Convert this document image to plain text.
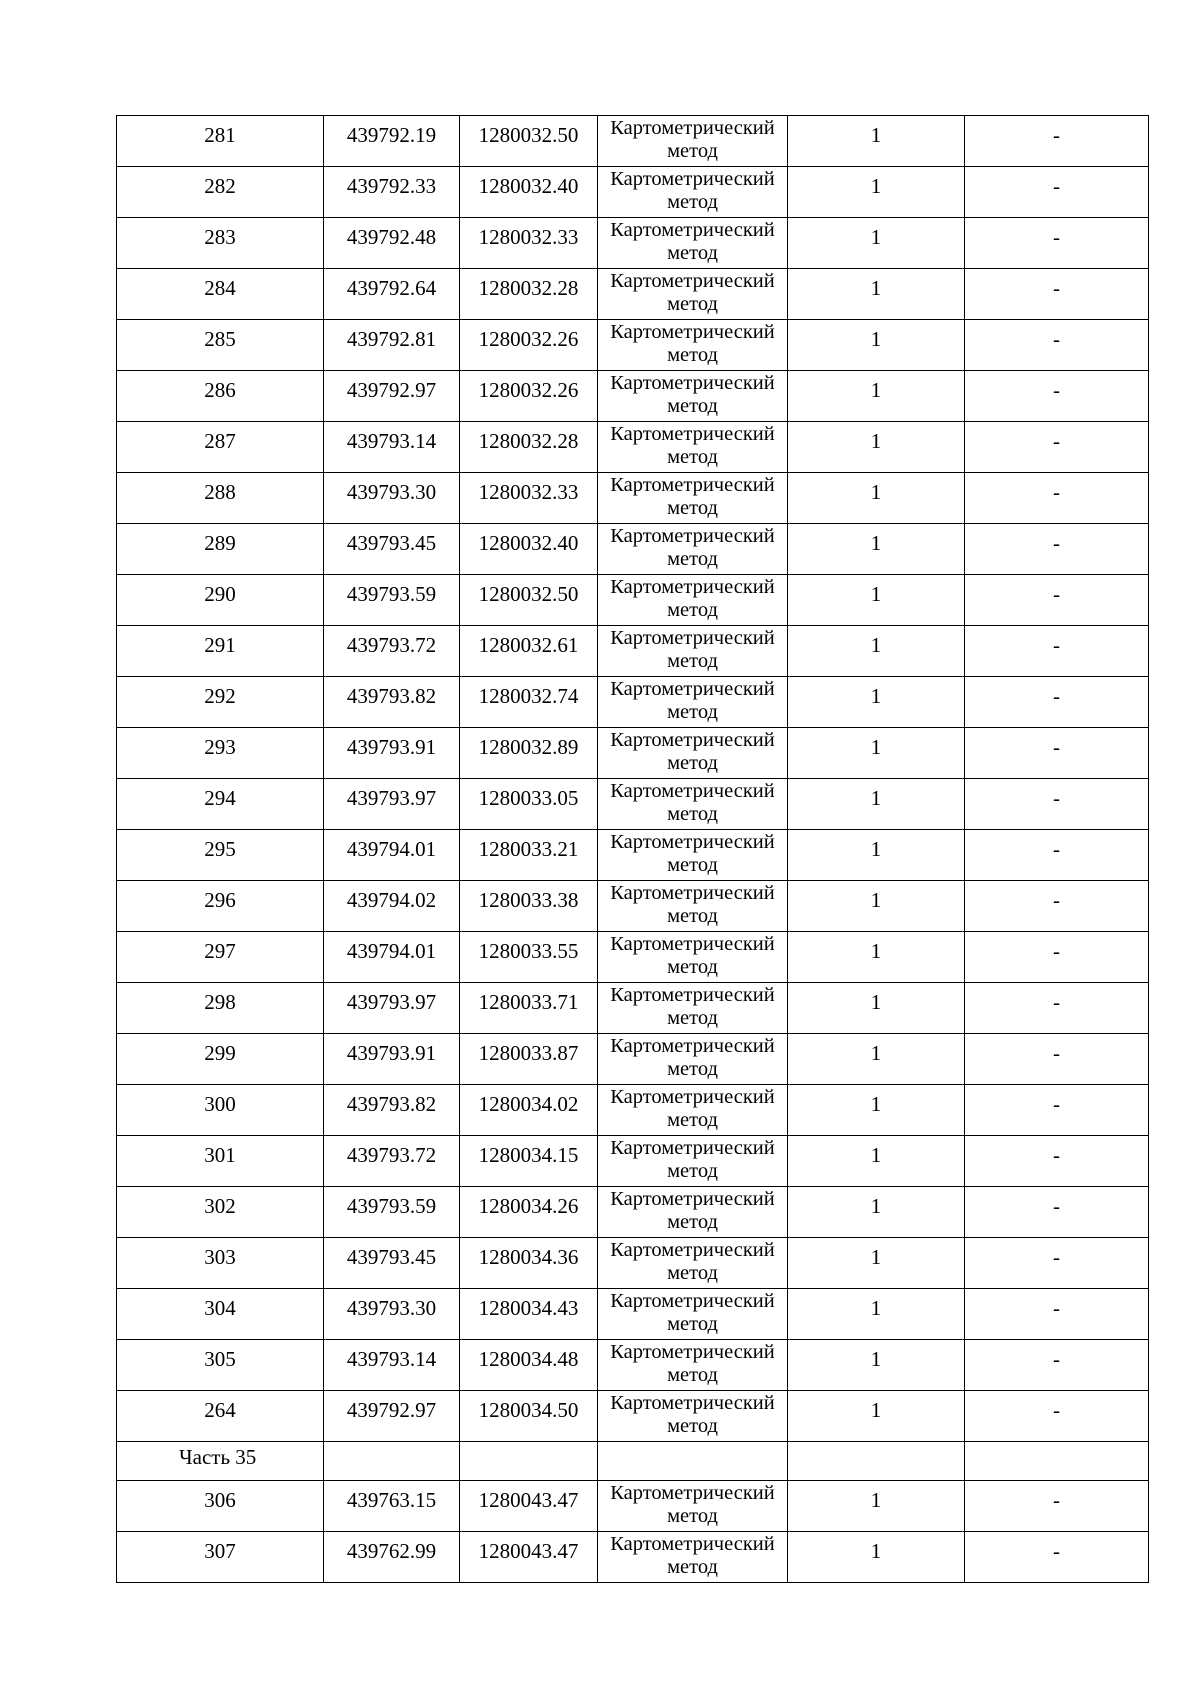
281	439792.19	1280032.50	Картометрический
метод	1	-
282	439792.33	1280032.40	Картометрический
метод	1	-
283	439792.48	1280032.33	Картометрический
метод	1	-
284	439792.64	1280032.28	Картометрический
метод	1	-
285	439792.81	1280032.26	Картометрический
метод	1	-
286	439792.97	1280032.26	Картометрический
метод	1	-
287	439793.14	1280032.28	Картометрический
метод	1	-
288	439793.30	1280032.33	Картометрический
метод	1	-
289	439793.45	1280032.40	Картометрический
метод	1	-
290	439793.59	1280032.50	Картометрический
метод	1	-
291	439793.72	1280032.61	Картометрический
метод	1	-
292	439793.82	1280032.74	Картометрический
метод	1	-
293	439793.91	1280032.89	Картометрический
метод	1	-
294	439793.97	1280033.05	Картометрический
метод	1	-
295	439794.01	1280033.21	Картометрический
метод	1	-
296	439794.02	1280033.38	Картометрический
метод	1	-
297	439794.01	1280033.55	Картометрический
метод	1	-
298	439793.97	1280033.71	Картометрический
метод	1	-
299	439793.91	1280033.87	Картометрический
метод	1	-
300	439793.82	1280034.02	Картометрический
метод	1	-
301	439793.72	1280034.15	Картометрический
метод	1	-
302	439793.59	1280034.26	Картометрический
метод	1	-
303	439793.45	1280034.36	Картометрический
метод	1	-
304	439793.30	1280034.43	Картометрический
метод	1	-
305	439793.14	1280034.48	Картометрический
метод	1	-
264	439792.97	1280034.50	Картометрический
метод	1	-
Часть 35					
306	439763.15	1280043.47	Картометрический
метод	1	-
307	439762.99	1280043.47	Картометрический
метод	1	-
